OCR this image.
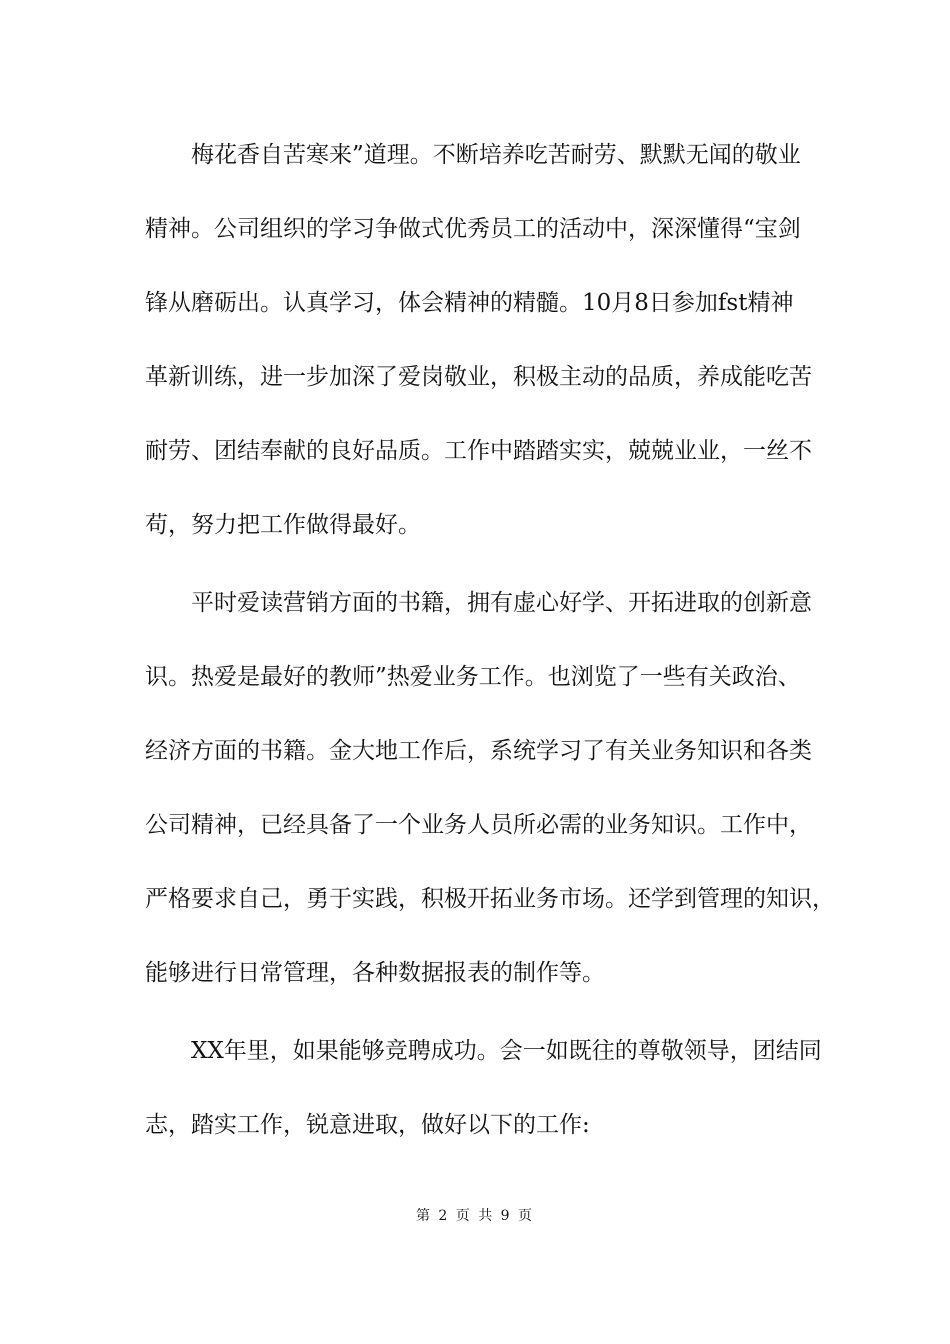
　　梅花香自苦寒来”道理。不断培养吃苦耐劳、默默无闻的敬业
精神。公司组织的学习争做式优秀员工的活动中，深深懂得“宝剑
锋从磨砺出。认真学习，体会精神的精髓。10月8日参加fst精神
革新训练，进一步加深了爱岗敬业，积极主动的品质，养成能吃苦
耐劳、团结奉献的良好品质。工作中踏踏实实，兢兢业业，一丝不
苟，努力把工作做得最好。
　　平时爱读营销方面的书籍，拥有虚心好学、开拓进取的创新意
识。热爱是最好的教师”热爱业务工作。也浏览了一些有关政治、
经济方面的书籍。金大地工作后，系统学习了有关业务知识和各类
公司精神，已经具备了一个业务人员所必需的业务知识。工作中，
严格要求自己，勇于实践，积极开拓业务市场。还学到管理的知识，
能够进行日常管理，各种数据报表的制作等。
　　XX年里，如果能够竞聘成功。会一如既往的尊敬领导，团结同
志，踏实工作，锐意进取，做好以下的工作:
第 2 页 共 9 页
